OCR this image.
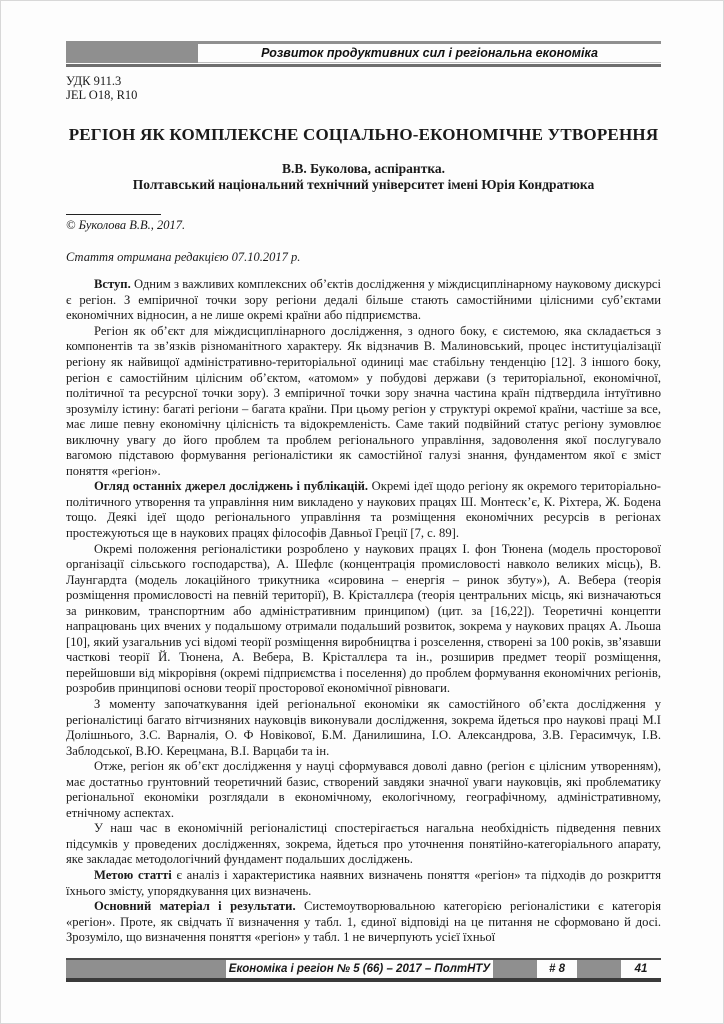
Розвиток продуктивних сил і регіональна економіка
УДК 911.3
JEL O18, R10
РЕГІОН ЯК КОМПЛЕКСНЕ СОЦІАЛЬНО-ЕКОНОМІЧНЕ УТВОРЕННЯ
В.В. Буколова, аспірантка.
Полтавський національний технічний університет імені Юрія Кондратюка
© Буколова В.В., 2017.
Стаття отримана редакцією 07.10.2017 р.

Вступ. Одним з важливих комплексних об’єктів дослідження у міждисциплінарному науковому дискурсі є регіон. З емпіричної точки зору регіони дедалі більше стають самостійними цілісними суб’єктами економічних відносин, а не лише окремі країни або підприємства.

Регіон як об’єкт для міждисциплінарного дослідження, з одного боку, є системою, яка складається з компонентів та зв’язків різноманітного характеру. Як відзначив В. Малиновський, процес інституціалізації регіону як найвищої адміністративно-територіальної одиниці має стабільну тенденцію [12]. З іншого боку, регіон є самостійним цілісним об’єктом, «атомом» у побудові держави (з територіальної, економічної, політичної та ресурсної точки зору). З емпіричної точки зору значна частина країн підтвердила інтуїтивно зрозумілу істину: багаті регіони – багата країни. При цьому регіон у структурі окремої країни, частіше за все, має лише певну економічну цілісність та відокремленість. Саме такий подвійний статус регіону зумовлює виключну увагу до його проблем та проблем регіонального управління, задоволення якої послугувало вагомою підставою формування регіоналістики як самостійної галузі знання, фундаментом якої є зміст поняття «регіон».

Огляд останніх джерел досліджень і публікацій. Окремі ідеї щодо регіону як окремого територіально-політичного утворення та управління ним викладено у наукових працях Ш. Монтеск’є, К. Ріхтера, Ж. Бодена тощо. Деякі ідеї щодо регіонального управління та розміщення економічних ресурсів в регіонах простежуються ще в наукових працях філософів Давньої Греції [7, с. 89].

Окремі положення регіоналістики розроблено у наукових працях І. фон Тюнена (модель просторової організації сільського господарства), А. Шефлє (концентрація промисловості навколо великих місць), В. Лаунгардта (модель локаційного трикутника «сировина – енергія – ринок збуту»), А. Вебера (теорія розміщення промисловості на певній території), В. Крісталлєра (теорія центральних місць, які визначаються за ринковим, транспортним або адміністративним принципом) (цит. за [16,22]). Теоретичні концепти напрацювань цих вчених у подальшому отримали подальший розвиток, зокрема у наукових працях А. Льоша [10], який узагальнив усі відомі теорії розміщення виробництва і розселення, створені за 100 років, зв’язавши часткові теорії Й. Тюнена, А. Вебера, В. Крісталлєра та ін., розширив предмет теорії розміщення, перейшовши від мікрорівня (окремі підприємства і поселення) до проблем формування економічних регіонів, розробив принципові основи теорії просторової економічної рівноваги.

З моменту започаткування ідей регіональної економіки як самостійного об’єкта дослідження у регіоналістиці багато вітчизняних науковців виконували дослідження, зокрема йдеться про наукові праці М.І Долішнього, З.С. Варналія, О. Ф Новікової, Б.М. Данилишина, І.О. Александрова, З.В. Герасимчук, І.В. Заблодської, В.Ю. Керецмана, В.І. Варцаби та ін.

Отже, регіон як об’єкт дослідження у науці сформувався доволі давно (регіон є цілісним утворенням), має достатньо грунтовний теоретичний базис, створений завдяки значної уваги науковців, які проблематику регіональної економіки розглядали в економічному, екологічному, географічному, адміністративному, етнічному аспектах.

У наш час в економічній регіоналістиці спостерігається нагальна необхідність підведення певних підсумків у проведених дослідженнях, зокрема, йдеться про уточнення понятійно-категоріального апарату, яке закладає методологічний фундамент подальших досліджень.

Метою статті є аналіз і характеристика наявних визначень поняття «регіон» та підходів до розкриття їхнього змісту, упорядкування цих визначень.

Основний матеріал і результати. Системоутворювальною категорією регіоналістики є категорія «регіон». Проте, як свідчать її визначення у табл. 1, єдиної відповіді на це питання не сформовано й досі. Зрозуміло, що визначення поняття «регіон» у табл. 1 не вичерпують усієї їхньої

Економіка і регіон № 5 (66) – 2017 – ПолтНТУ	# 8	41
